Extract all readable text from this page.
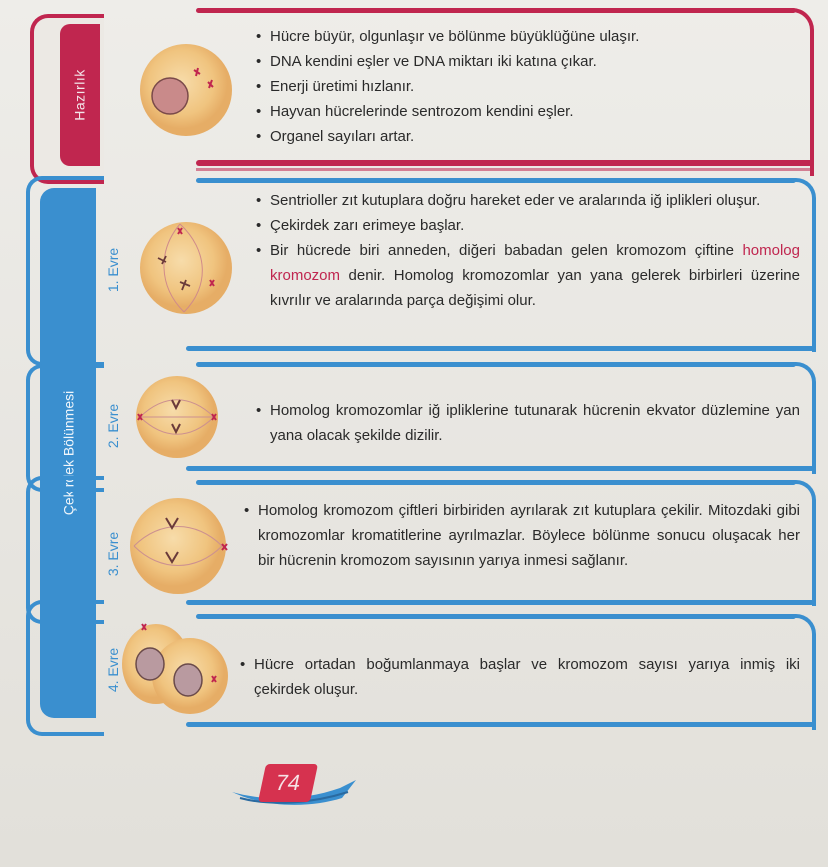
Hazırlık
• Hücre büyür, olgunlaşır ve bölünme büyüklüğüne ulaşır.
• DNA kendini eşler ve DNA miktarı iki katına çıkar.
• Enerji üretimi hızlanır.
• Hayvan hücrelerinde sentrozom kendini eşler.
• Organel sayıları artar.
Çekirdek Bölünmesi
1. Evre
2. Evre
3. Evre
4. Evre
• Sentrioller zıt kutuplara doğru hareket eder ve aralarında iğ iplikleri oluşur.
• Çekirdek zarı erimeye başlar.
• Bir hücrede biri anneden, diğeri babadan gelen kromozom çiftine homolog kromozom denir. Homolog kromozomlar yan yana gelerek birbirleri üzerine kıvrılır ve aralarında parça değişimi olur.
• Homolog kromozomlar iğ ipliklerine tutunarak hücrenin ekvator düzlemine yan yana olacak şekilde dizilir.
• Homolog kromozom çiftleri birbiriden ayrılarak zıt kutuplara çekilir. Mitozdaki gibi kromozomlar kromatitlerine ayrılmazlar. Böylece bölünme sonucu oluşacak her bir hücrenin kromozom sayısının yarıya inmesi sağlanır.
• Hücre ortadan boğumlanmaya başlar ve kromozom sayısı yarıya inmiş iki çekirdek oluşur.
74
